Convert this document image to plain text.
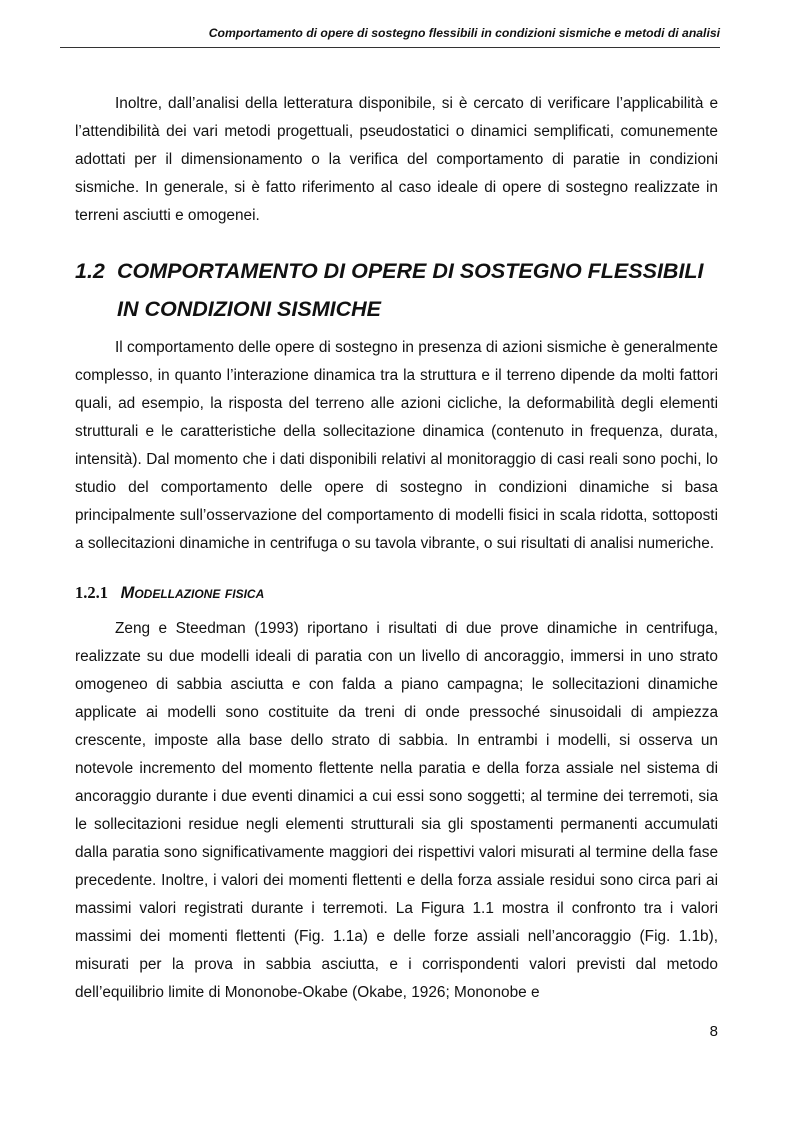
Comportamento di opere di sostegno flessibili in condizioni sismiche e metodi di analisi

Inoltre, dall’analisi della letteratura disponibile, si è cercato di verificare l’applicabilità e l’attendibilità dei vari metodi progettuali, pseudostatici o dinamici semplificati, comunemente adottati per il dimensionamento o la verifica del comportamento di paratie in condizioni sismiche. In generale, si è fatto riferimento al caso ideale di opere di sostegno realizzate in terreni asciutti e omogenei.

1.2 COMPORTAMENTO DI OPERE DI SOSTEGNO FLESSIBILI IN CONDIZIONI SISMICHE

Il comportamento delle opere di sostegno in presenza di azioni sismiche è generalmente complesso, in quanto l’interazione dinamica tra la struttura e il terreno dipende da molti fattori quali, ad esempio, la risposta del terreno alle azioni cicliche, la deformabilità degli elementi strutturali e le caratteristiche della sollecitazione dinamica (contenuto in frequenza, durata, intensità). Dal momento che i dati disponibili relativi al monitoraggio di casi reali sono pochi, lo studio del comportamento delle opere di sostegno in condizioni dinamiche si basa principalmente sull’osservazione del comportamento di modelli fisici in scala ridotta, sottoposti a sollecitazioni dinamiche in centrifuga o su tavola vibrante, o sui risultati di analisi numeriche.

1.2.1 Modellazione fisica

Zeng e Steedman (1993) riportano i risultati di due prove dinamiche in centrifuga, realizzate su due modelli ideali di paratia con un livello di ancoraggio, immersi in uno strato omogeneo di sabbia asciutta e con falda a piano campagna; le sollecitazioni dinamiche applicate ai modelli sono costituite da treni di onde pressoché sinusoidali di ampiezza crescente, imposte alla base dello strato di sabbia. In entrambi i modelli, si osserva un notevole incremento del momento flettente nella paratia e della forza assiale nel sistema di ancoraggio durante i due eventi dinamici a cui essi sono soggetti; al termine dei terremoti, sia le sollecitazioni residue negli elementi strutturali sia gli spostamenti permanenti accumulati dalla paratia sono significativamente maggiori dei rispettivi valori misurati al termine della fase precedente. Inoltre, i valori dei momenti flettenti e della forza assiale residui sono circa pari ai massimi valori registrati durante i terremoti. La Figura 1.1 mostra il confronto tra i valori massimi dei momenti flettenti (Fig. 1.1a) e delle forze assiali nell’ancoraggio (Fig. 1.1b), misurati per la prova in sabbia asciutta, e i corrispondenti valori previsti dal metodo dell’equilibrio limite di Mononobe-Okabe (Okabe, 1926; Mononobe e

8
